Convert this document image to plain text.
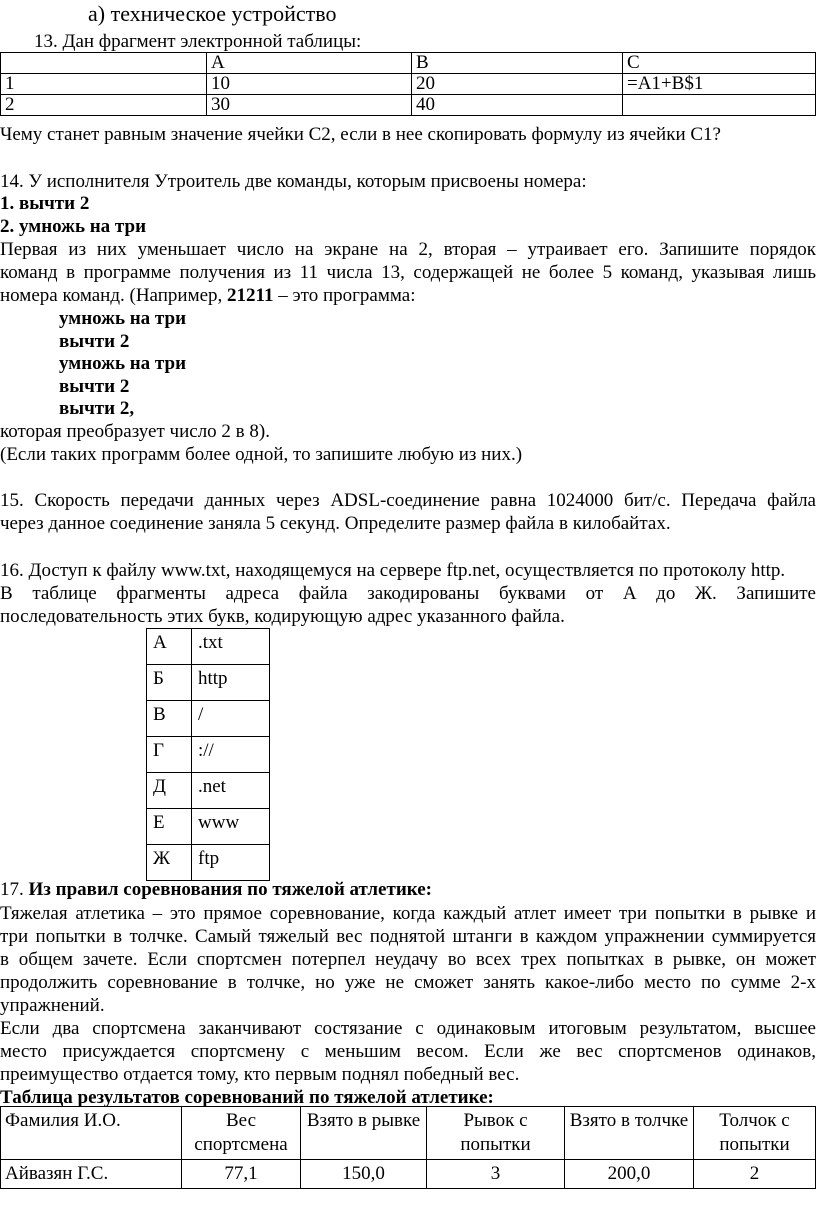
а) техническое устройство
13. Дан фрагмент электронной таблицы:
	A	B	C
1	10	20	=A1+B$1
2	30	40	
Чему станет равным значение ячейки C2, если в нее скопировать формулу из ячейки C1?
14. У исполнителя Утроитель две команды, которым присвоены номера:
1. вычти 2
2. умножь на три
Первая из них уменьшает число на экране на 2, вторая – утраивает его. Запишите порядок
команд в программе получения из 11 числа 13, содержащей не более 5 команд, указывая лишь
номера команд. (Например, 21211 – это программа:
умножь на три
вычти 2
умножь на три
вычти 2
вычти 2,
которая преобразует число 2 в 8).
(Если таких программ более одной, то запишите любую из них.)
15. Скорость передачи данных через ADSL-соединение равна 1024000 бит/с. Передача файла
через данное соединение заняла 5 секунд. Определите размер файла в килобайтах.
16. Доступ к файлу www.txt, находящемуся на сервере ftp.net, осуществляется по протоколу http.
В таблице фрагменты адреса файла закодированы буквами от А до Ж. Запишите
последовательность этих букв, кодирующую адрес указанного файла.
А	.txt
Б	http
В	/
Г	://
Д	.net
Е	www
Ж	ftp
17. Из правил соревнования по тяжелой атлетике:
Тяжелая атлетика – это прямое соревнование, когда каждый атлет имеет три попытки в рывке и
три попытки в толчке. Самый тяжелый вес поднятой штанги в каждом упражнении суммируется
в общем зачете. Если спортсмен потерпел неудачу во всех трех попытках в рывке, он может
продолжить соревнование в толчке, но уже не сможет занять какое-либо место по сумме 2-х
упражнений.
Если два спортсмена заканчивают состязание с одинаковым итоговым результатом, высшее
место присуждается спортсмену с меньшим весом. Если же вес спортсменов одинаков,
преимущество отдается тому, кто первым поднял победный вес.
Таблица результатов соревнований по тяжелой атлетике:
Фамилия И.О.	Вес спортсмена	Взято в рывке	Рывок с попытки	Взято в толчке	Толчок с попытки
Айвазян Г.С.	77,1	150,0	3	200,0	2
